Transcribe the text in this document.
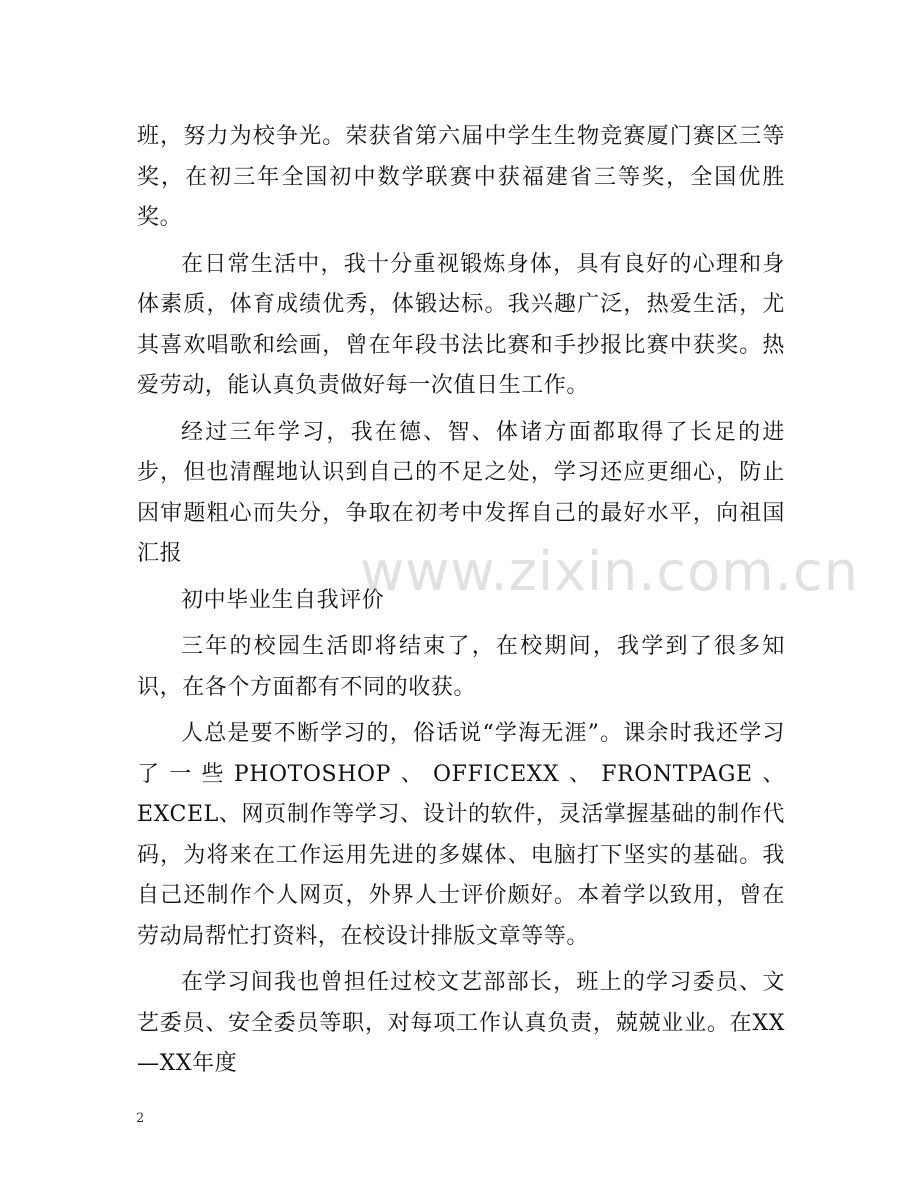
班，努力为校争光。荣获省第六届中学生生物竞赛厦门赛区三等奖，在初三年全国初中数学联赛中获福建省三等奖，全国优胜奖。

在日常生活中，我十分重视锻炼身体，具有良好的心理和身体素质，体育成绩优秀，体锻达标。我兴趣广泛，热爱生活，尤其喜欢唱歌和绘画，曾在年段书法比赛和手抄报比赛中获奖。热爱劳动，能认真负责做好每一次值日生工作。

经过三年学习，我在德、智、体诸方面都取得了长足的进步，但也清醒地认识到自己的不足之处，学习还应更细心，防止因审题粗心而失分，争取在初考中发挥自己的最好水平，向祖国汇报

初中毕业生自我评价

三年的校园生活即将结束了，在校期间，我学到了很多知识，在各个方面都有不同的收获。

人总是要不断学习的，俗话说“学海无涯”。课余时我还学习了一些PHOTOSHOP、OFFICEXX、FRONTPAGE、EXCEL、网页制作等学习、设计的软件，灵活掌握基础的制作代码，为将来在工作运用先进的多媒体、电脑打下坚实的基础。我自己还制作个人网页，外界人士评价颇好。本着学以致用，曾在劳动局帮忙打资料，在校设计排版文章等等。

在学习间我也曾担任过校文艺部部长，班上的学习委员、文艺委员、安全委员等职，对每项工作认真负责，兢兢业业。在XX—XX年度

www.zixin.com.cn
2
